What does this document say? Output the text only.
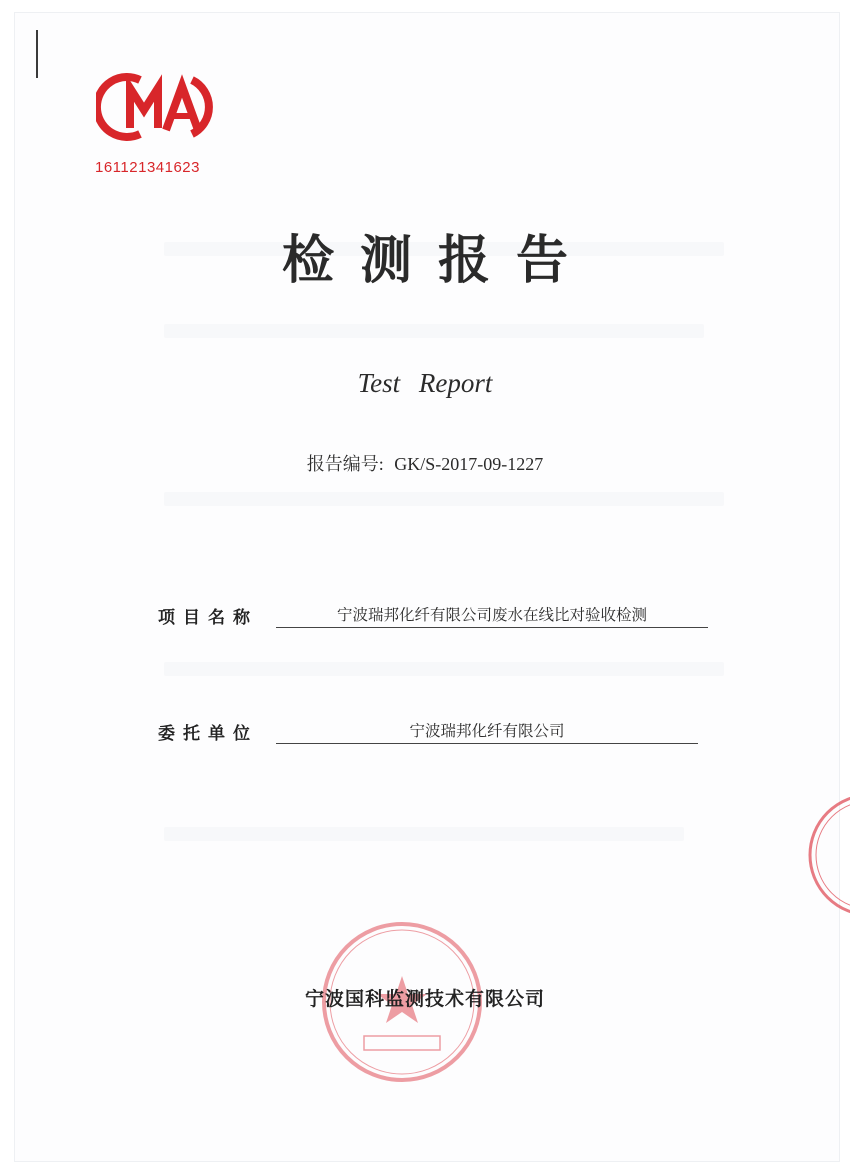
161121341623
检测报告
Test Report
报告编号: GK/S-2017-09-1227
项目名称	宁波瑞邦化纤有限公司废水在线比对验收检测
委托单位	宁波瑞邦化纤有限公司
宁波国科监测技术有限公司
